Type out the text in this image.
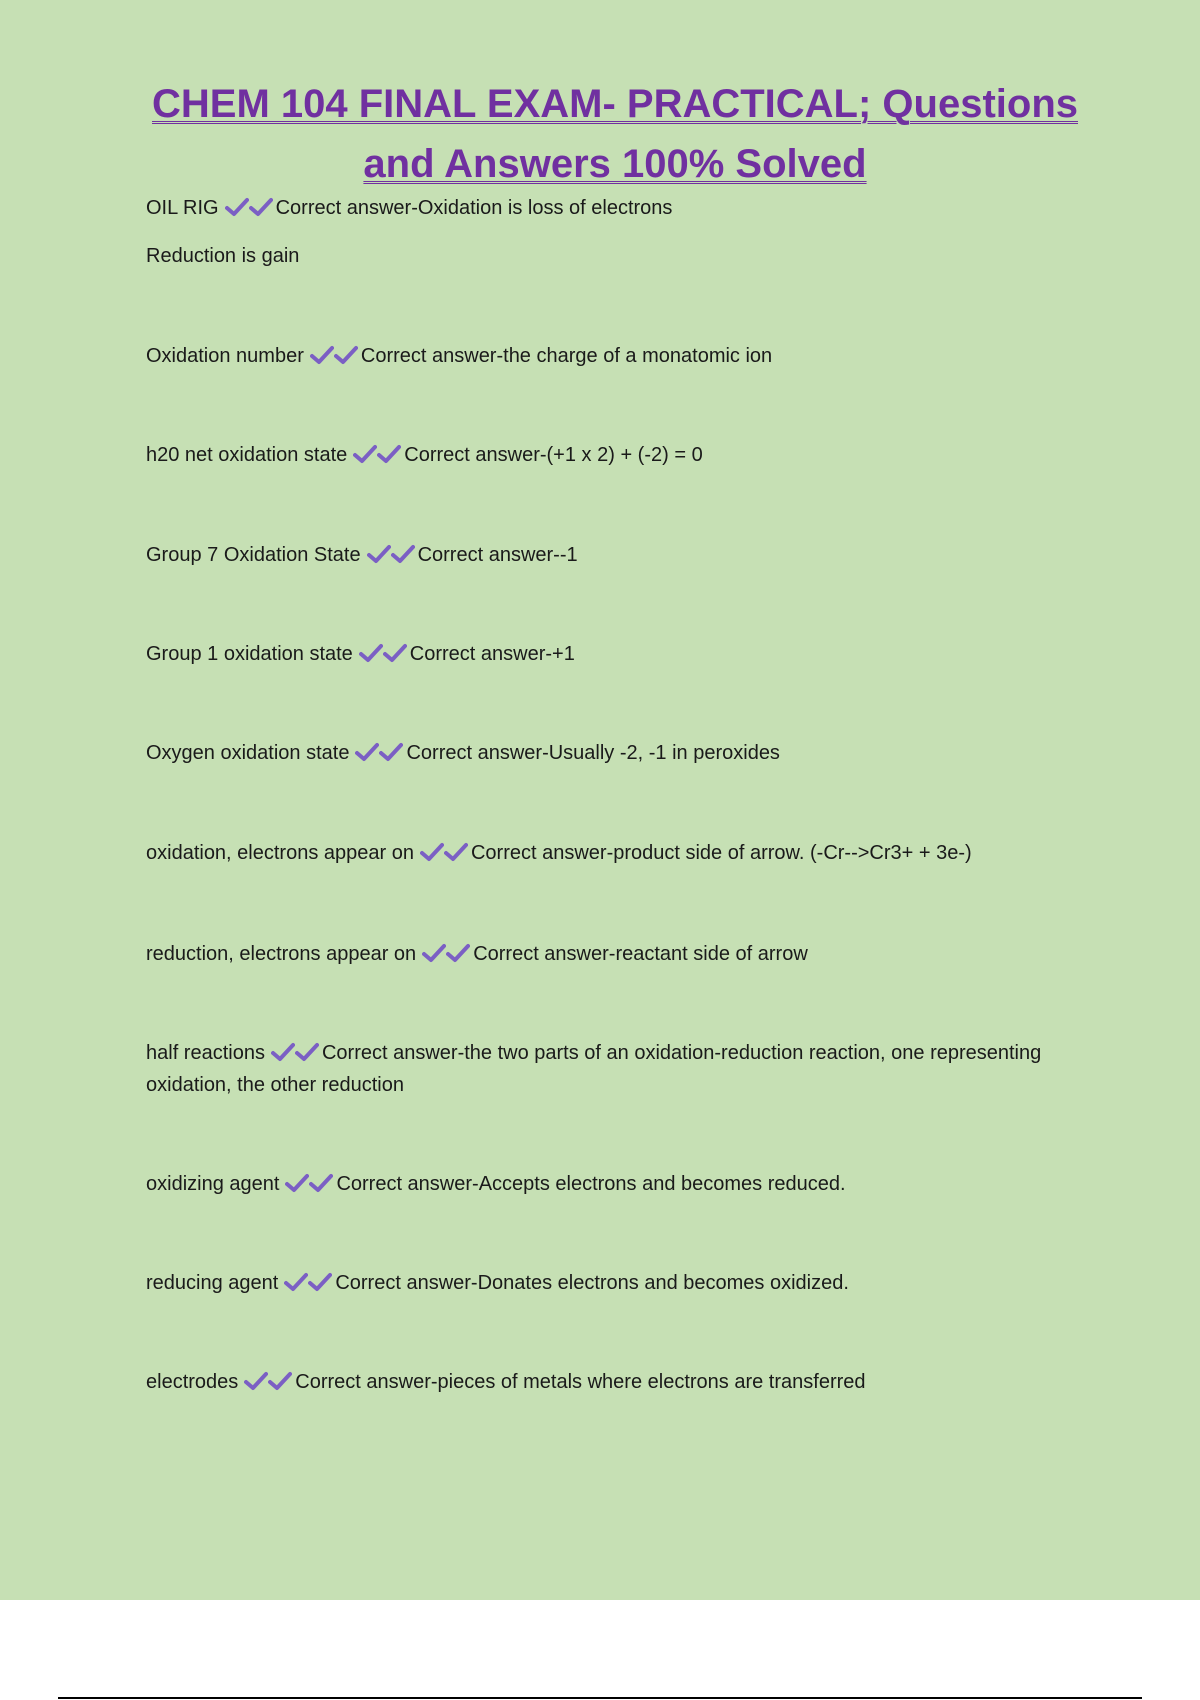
CHEM 104 FINAL EXAM- PRACTICAL; Questions
and Answers 100% Solved

OIL RIG	Correct answer-Oxidation is loss of electrons

Reduction is gain

Oxidation number	Correct answer-the charge of a monatomic ion

h20 net oxidation state	Correct answer-(+1 x 2) + (-2) = 0

Group 7 Oxidation State	Correct answer--1

Group 1 oxidation state	Correct answer-+1

Oxygen oxidation state	Correct answer-Usually -2, -1 in peroxides

oxidation, electrons appear on	Correct answer-product side of arrow. (-Cr-->Cr3+ + 3e-)

reduction, electrons appear on	Correct answer-reactant side of arrow

half reactions	Correct answer-the two parts of an oxidation-reduction reaction, one representing oxidation, the other reduction

oxidizing agent	Correct answer-Accepts electrons and becomes reduced.

reducing agent	Correct answer-Donates electrons and becomes oxidized.

electrodes	Correct answer-pieces of metals where electrons are transferred
